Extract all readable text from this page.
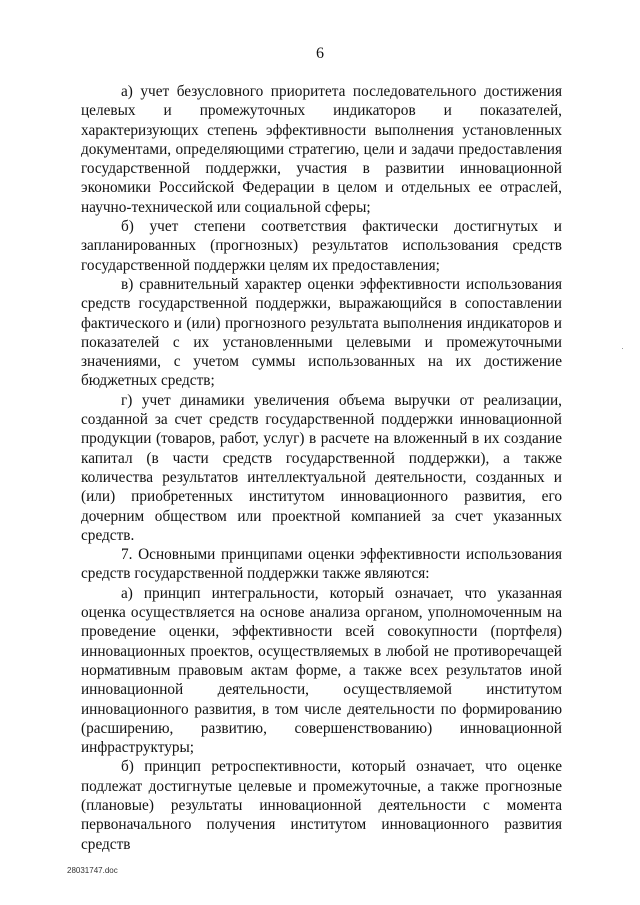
6

а) учет безусловного приоритета последовательного достижения целевых и промежуточных индикаторов и показателей, характеризующих степень эффективности выполнения установленных документами, определяющими стратегию, цели и задачи предоставления государственной поддержки, участия в развитии инновационной экономики Российской Федерации в целом и отдельных ее отраслей, научно-технической или социальной сферы;

б) учет степени соответствия фактически достигнутых и запланированных (прогнозных) результатов использования средств государственной поддержки целям их предоставления;

в) сравнительный характер оценки эффективности использования средств государственной поддержки, выражающийся в сопоставлении фактического и (или) прогнозного результата выполнения индикаторов и показателей с их установленными целевыми и промежуточными значениями, с учетом суммы использованных на их достижение бюджетных средств;

г) учет динамики увеличения объема выручки от реализации, созданной за счет средств государственной поддержки инновационной продукции (товаров, работ, услуг) в расчете на вложенный в их создание капитал (в части средств государственной поддержки), а также количества результатов интеллектуальной деятельности, созданных и (или) приобретенных институтом инновационного развития, его дочерним обществом или проектной компанией за счет указанных средств.

7. Основными принципами оценки эффективности использования средств государственной поддержки также являются:

а) принцип интегральности, который означает, что указанная оценка осуществляется на основе анализа органом, уполномоченным на проведение оценки, эффективности всей совокупности (портфеля) инновационных проектов, осуществляемых в любой не противоречащей нормативным правовым актам форме, а также всех результатов иной инновационной деятельности, осуществляемой институтом инновационного развития, в том числе деятельности по формированию (расширению, развитию, совершенствованию) инновационной инфраструктуры;

б) принцип ретроспективности, который означает, что оценке подлежат достигнутые целевые и промежуточные, а также прогнозные (плановые) результаты инновационной деятельности с момента первоначального получения институтом инновационного развития средств

28031747.doc
